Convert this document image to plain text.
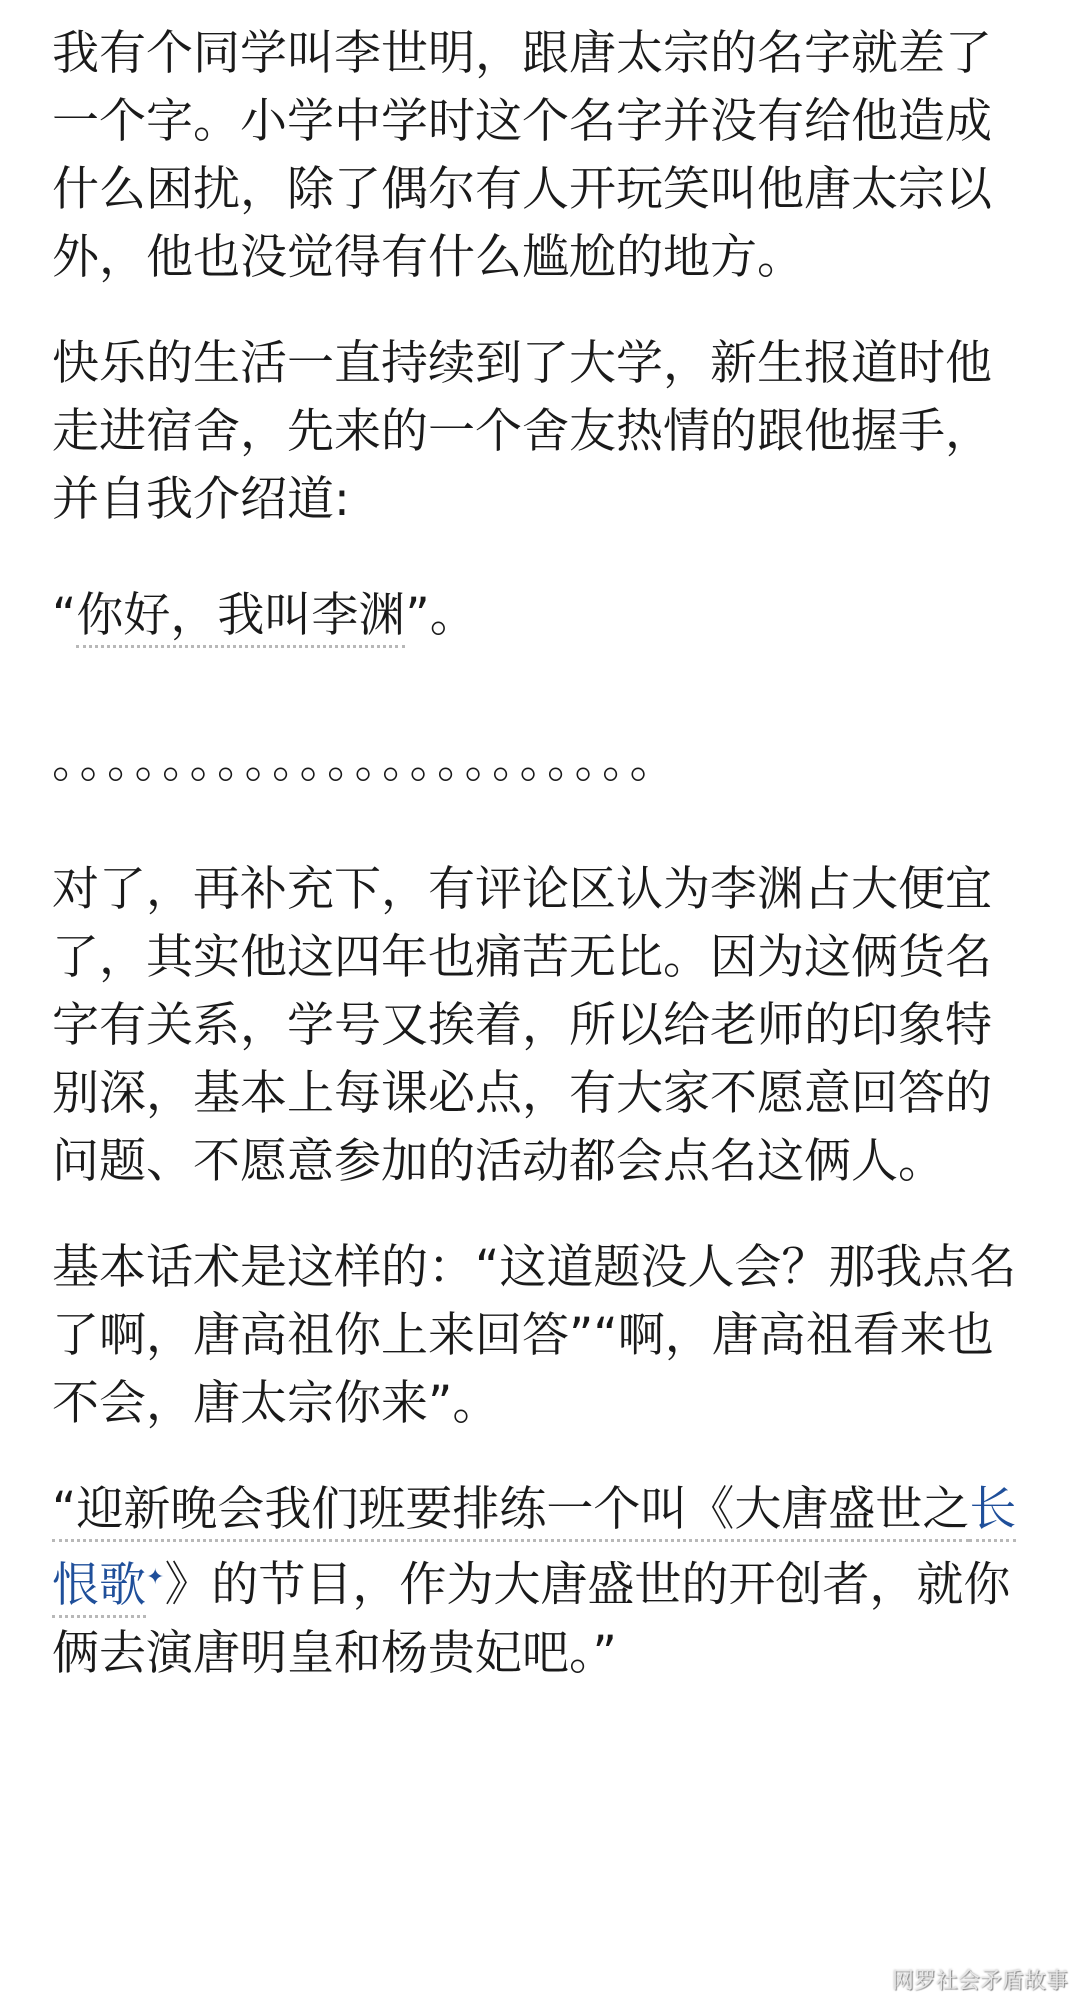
我有个同学叫李世明，跟唐太宗的名字就差了一个字。小学中学时这个名字并没有给他造成什么困扰，除了偶尔有人开玩笑叫他唐太宗以外，他也没觉得有什么尴尬的地方。

快乐的生活一直持续到了大学，新生报道时他走进宿舍，先来的一个舍友热情的跟他握手，并自我介绍道:

“你好，我叫李渊”。

。。。。。。。。。。。。。。。。。。。。。。

对了，再补充下，有评论区认为李渊占大便宜了，其实他这四年也痛苦无比。因为这俩货名字有关系，学号又挨着，所以给老师的印象特别深，基本上每课必点，有大家不愿意回答的问题、不愿意参加的活动都会点名这俩人。

基本话术是这样的：“这道题没人会？那我点名了啊，唐高祖你上来回答”“啊，唐高祖看来也不会，唐太宗你来”。

“迎新晚会我们班要排练一个叫《大唐盛世之长恨歌✦》的节目，作为大唐盛世的开创者，就你俩去演唐明皇和杨贵妃吧。”

网罗社会矛盾故事
